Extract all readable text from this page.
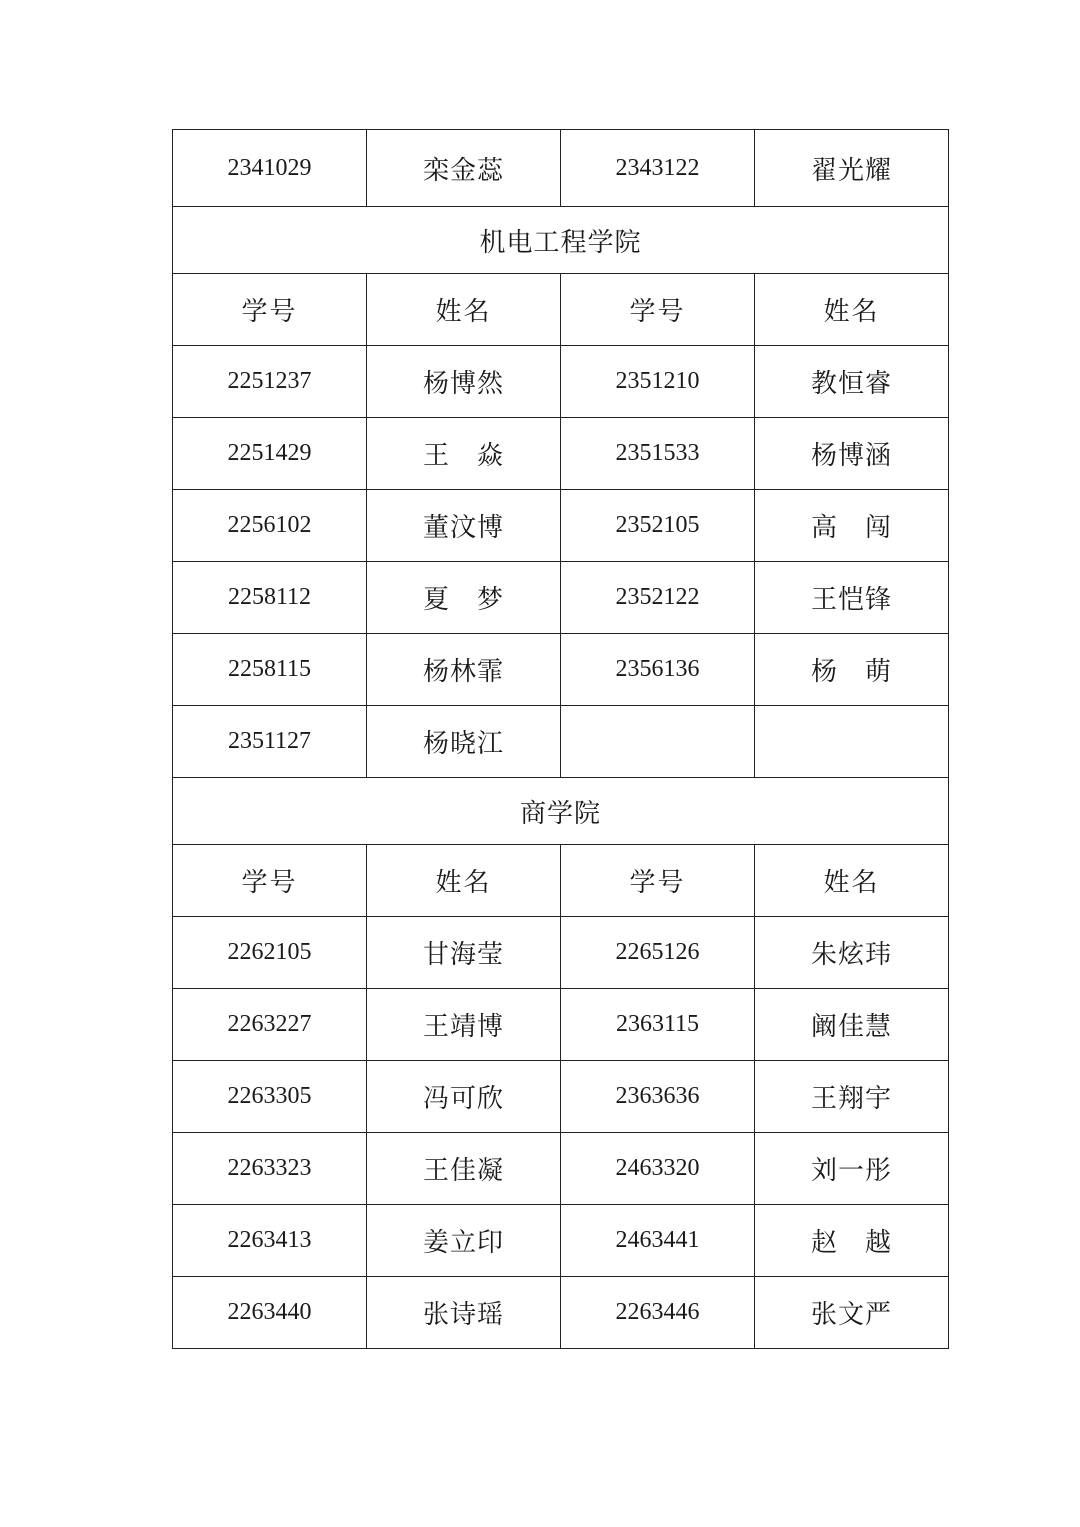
2341029	栾金蕊	2343122	翟光耀
机电工程学院			
学号	姓名	学号	姓名
2251237	杨博然	2351210	教恒睿
2251429	王　焱	2351533	杨博涵
2256102	董汶博	2352105	高　闯
2258112	夏　梦	2352122	王恺锋
2258115	杨林霏	2356136	杨　萌
2351127	杨晓江		
商学院			
学号	姓名	学号	姓名
2262105	甘海莹	2265126	朱炫玮
2263227	王靖博	2363115	阚佳慧
2263305	冯可欣	2363636	王翔宇
2263323	王佳凝	2463320	刘一彤
2263413	姜立印	2463441	赵　越
2263440	张诗瑶	2263446	张文严
